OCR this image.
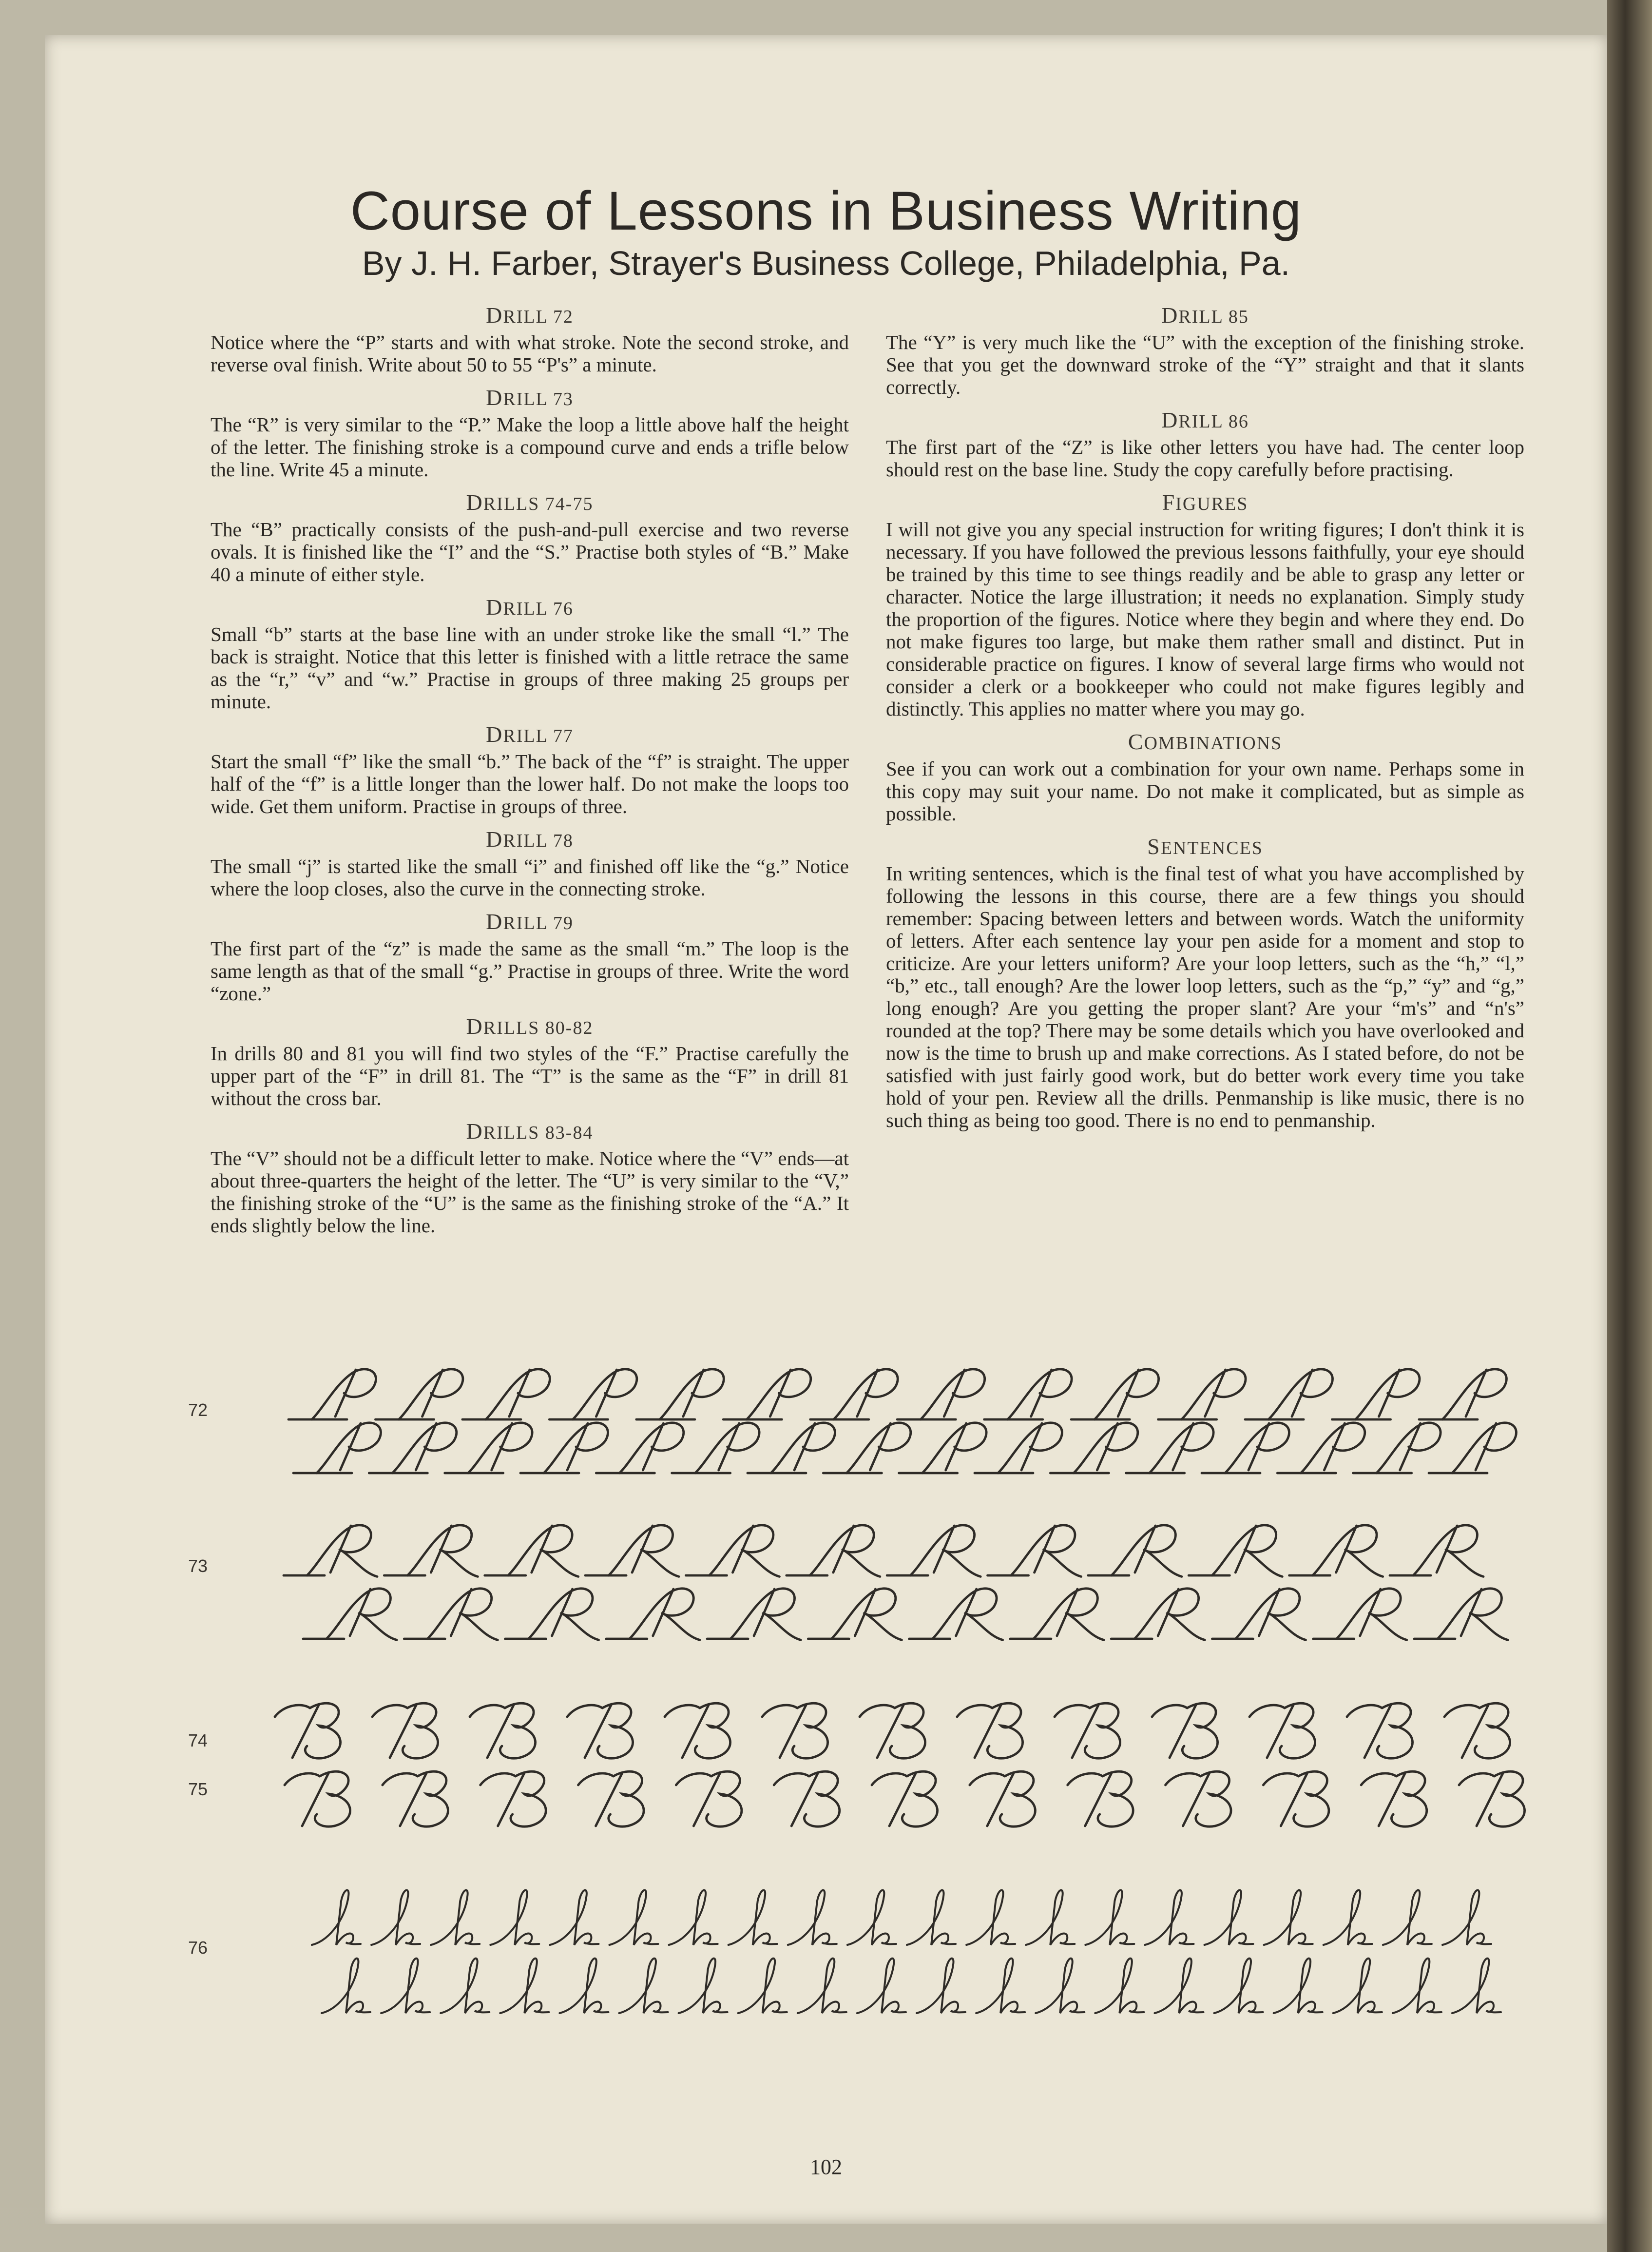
Course of Lessons in Business Writing
By J. H. Farber, Strayer's Business College, Philadelphia, Pa.
DRILL 72
Notice where the “P” starts and with what stroke. Note the second stroke, and reverse oval finish. Write about 50 to 55 “P's” a minute.
DRILL 73
The “R” is very similar to the “P.” Make the loop a little above half the height of the letter. The finishing stroke is a compound curve and ends a trifle below the line. Write 45 a minute.
DRILLS 74-75
The “B” practically consists of the push-and-pull exercise and two reverse ovals. It is finished like the “I” and the “S.” Practise both styles of “B.” Make 40 a minute of either style.
DRILL 76
Small “b” starts at the base line with an under stroke like the small “l.” The back is straight. Notice that this letter is finished with a little retrace the same as the “r,” “v” and “w.” Practise in groups of three making 25 groups per minute.
DRILL 77
Start the small “f” like the small “b.” The back of the “f” is straight. The upper half of the “f” is a little longer than the lower half. Do not make the loops too wide. Get them uniform. Practise in groups of three.
DRILL 78
The small “j” is started like the small “i” and finished off like the “g.” Notice where the loop closes, also the curve in the connecting stroke.
DRILL 79
The first part of the “z” is made the same as the small “m.” The loop is the same length as that of the small “g.” Practise in groups of three. Write the word “zone.”
DRILLS 80-82
In drills 80 and 81 you will find two styles of the “F.” Practise carefully the upper part of the “F” in drill 81. The “T” is the same as the “F” in drill 81 without the cross bar.
DRILLS 83-84
The “V” should not be a difficult letter to make. Notice where the “V” ends—at about three-quarters the height of the letter. The “U” is very similar to the “V,” the finishing stroke of the “U” is the same as the finishing stroke of the “A.” It ends slightly below the line.
DRILL 85
The “Y” is very much like the “U” with the exception of the finishing stroke. See that you get the downward stroke of the “Y” straight and that it slants correctly.
DRILL 86
The first part of the “Z” is like other letters you have had. The center loop should rest on the base line. Study the copy carefully before practising.
FIGURES
I will not give you any special instruction for writing figures; I don't think it is necessary. If you have followed the previous lessons faithfully, your eye should be trained by this time to see things readily and be able to grasp any letter or character. Notice the large illustration; it needs no explanation. Simply study the proportion of the figures. Notice where they begin and where they end. Do not make figures too large, but make them rather small and distinct. Put in considerable practice on figures. I know of several large firms who would not consider a clerk or a bookkeeper who could not make figures legibly and distinctly. This applies no matter where you may go.
COMBINATIONS
See if you can work out a combination for your own name. Perhaps some in this copy may suit your name. Do not make it complicated, but as simple as possible.
SENTENCES
In writing sentences, which is the final test of what you have accomplished by following the lessons in this course, there are a few things you should remember: Spacing between letters and between words. Watch the uniformity of letters. After each sentence lay your pen aside for a moment and stop to criticize. Are your letters uniform? Are your loop letters, such as the “h,” “l,” “b,” etc., tall enough? Are the lower loop letters, such as the “p,” “y” and “g,” long enough? Are you getting the proper slant? Are your “m's” and “n's” rounded at the top? There may be some details which you have overlooked and now is the time to brush up and make corrections. As I stated before, do not be satisfied with just fairly good work, but do better work every time you take hold of your pen. Review all the drills. Penmanship is like music, there is no such thing as being too good. There is no end to penmanship.
72
73
74
75
76
102
